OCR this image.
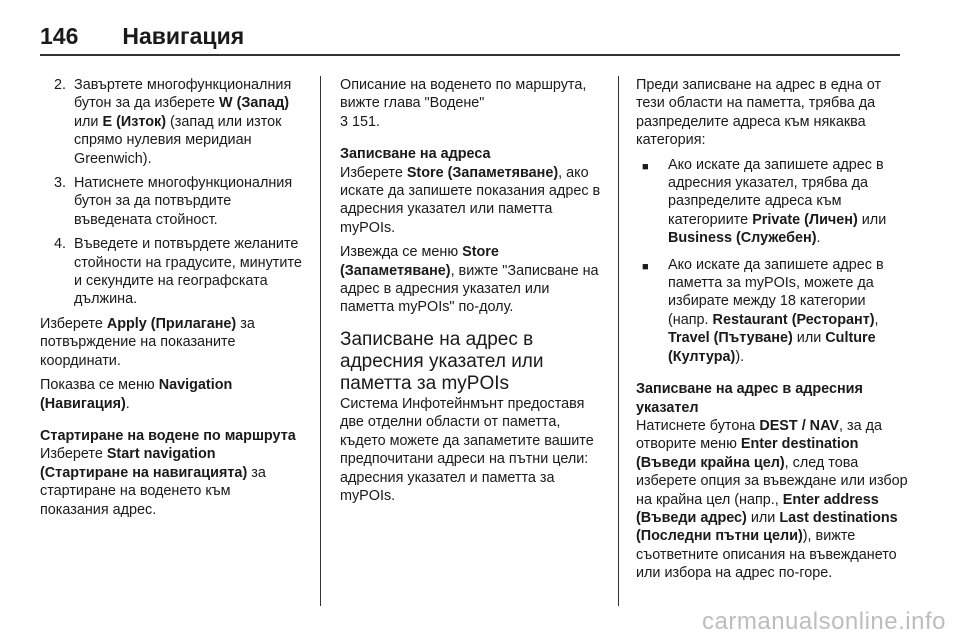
146 Навигация
2. Завъртете многофункционалния бутон за да изберете W (Запад) или E (Изток) (запад или изток спрямо нулевия меридиан Greenwich).
3. Натиснете многофункционалния бутон за да потвърдите въведената стойност.
4. Въведете и потвърдете желаните стойности на градусите, минутите и секундите на географската дължина.

Изберете Apply (Прилагане) за потвърждение на показаните координати.

Показва се меню Navigation (Навигация).

Стартиране на водене по маршрута

Изберете Start navigation (Стартиране на навигацията) за стартиране на воденето към показания адрес.

Описание на воденето по маршрута, вижте глава "Водене"
3 151.

Записване на адреса

Изберете Store (Запаметяване), ако искате да запишете показания адрес в адресния указател или паметта myPOIs.

Извежда се меню Store (Запаметяване), вижте "Записване на адрес в адресния указател или паметта myPOIs" по-долу.

Записване на адрес в адресния указател или паметта за myPOIs

Система Инфотейнмънт предоставя две отделни области от паметта, където можете да запаметите вашите предпочитани адреси на пътни цели: адресния указател и паметта за myPOIs.

Преди записване на адрес в една от тези области на паметта, трябва да разпределите адреса към някаква категория:

■	Ако искате да запишете адрес в адресния указател, трябва да разпределите адреса към категориите Private (Личен) или Business (Служебен).
■	Ако искате да запишете адрес в паметта за myPOIs, можете да избирате между 18 категории (напр. Restaurant (Ресторант), Travel (Пътуване) или Culture (Култура)).
Записване на адрес в адресния указател

Натиснете бутона DEST / NAV, за да отворите меню Enter destination (Въведи крайна цел), след това изберете опция за въвеждане или избор на крайна цел (напр., Enter address (Въведи адрес) или Last destinations (Последни пътни цели)), вижте съответните описания на въвеждането или избора на адрес по-горе.

carmanualsonline.info
